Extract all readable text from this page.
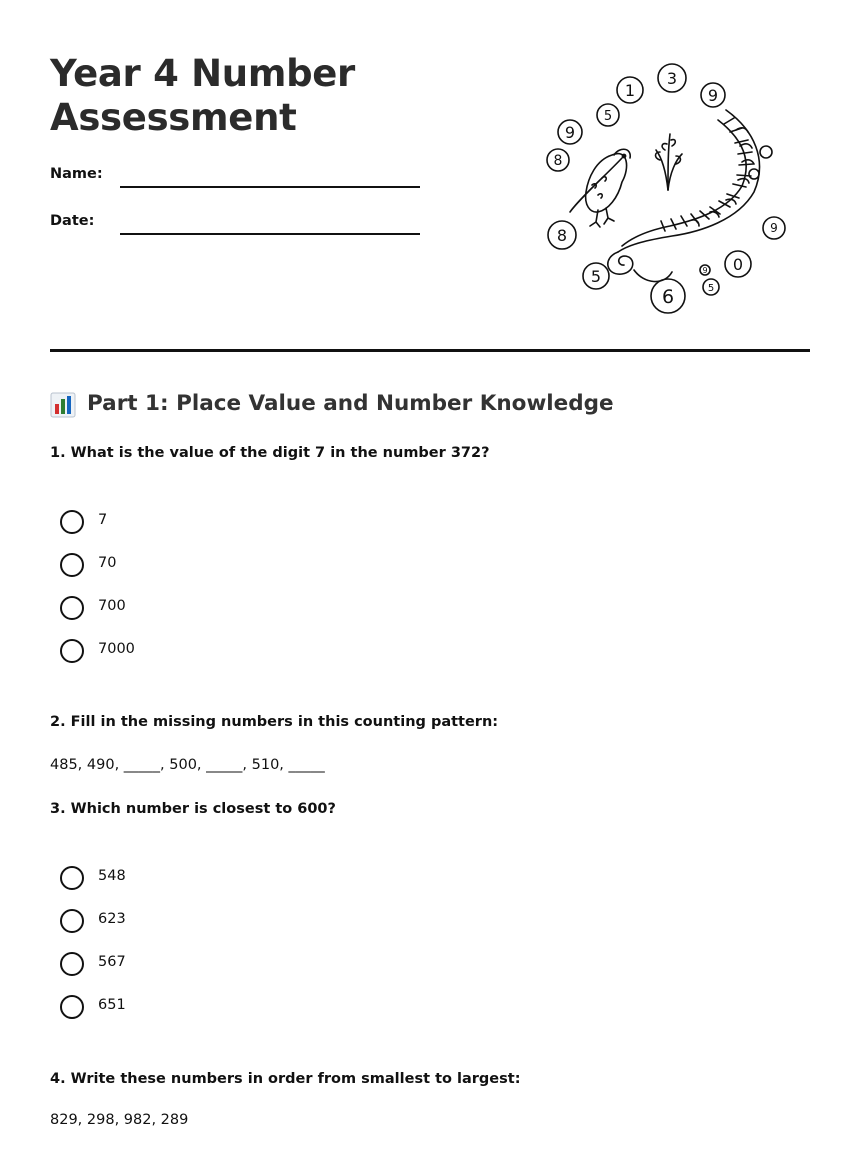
Year 4 Number Assessment
Name:
Date:
3
9
1
5
9
8
8
5
6
0
9
5
9
Part 1: Place Value and Number Knowledge
1. What is the value of the digit 7 in the number 372?
7
70
700
7000
2. Fill in the missing numbers in this counting pattern:
485, 490, _____, 500, _____, 510, _____
3. Which number is closest to 600?
548
623
567
651
4. Write these numbers in order from smallest to largest:
829, 298, 982, 289
